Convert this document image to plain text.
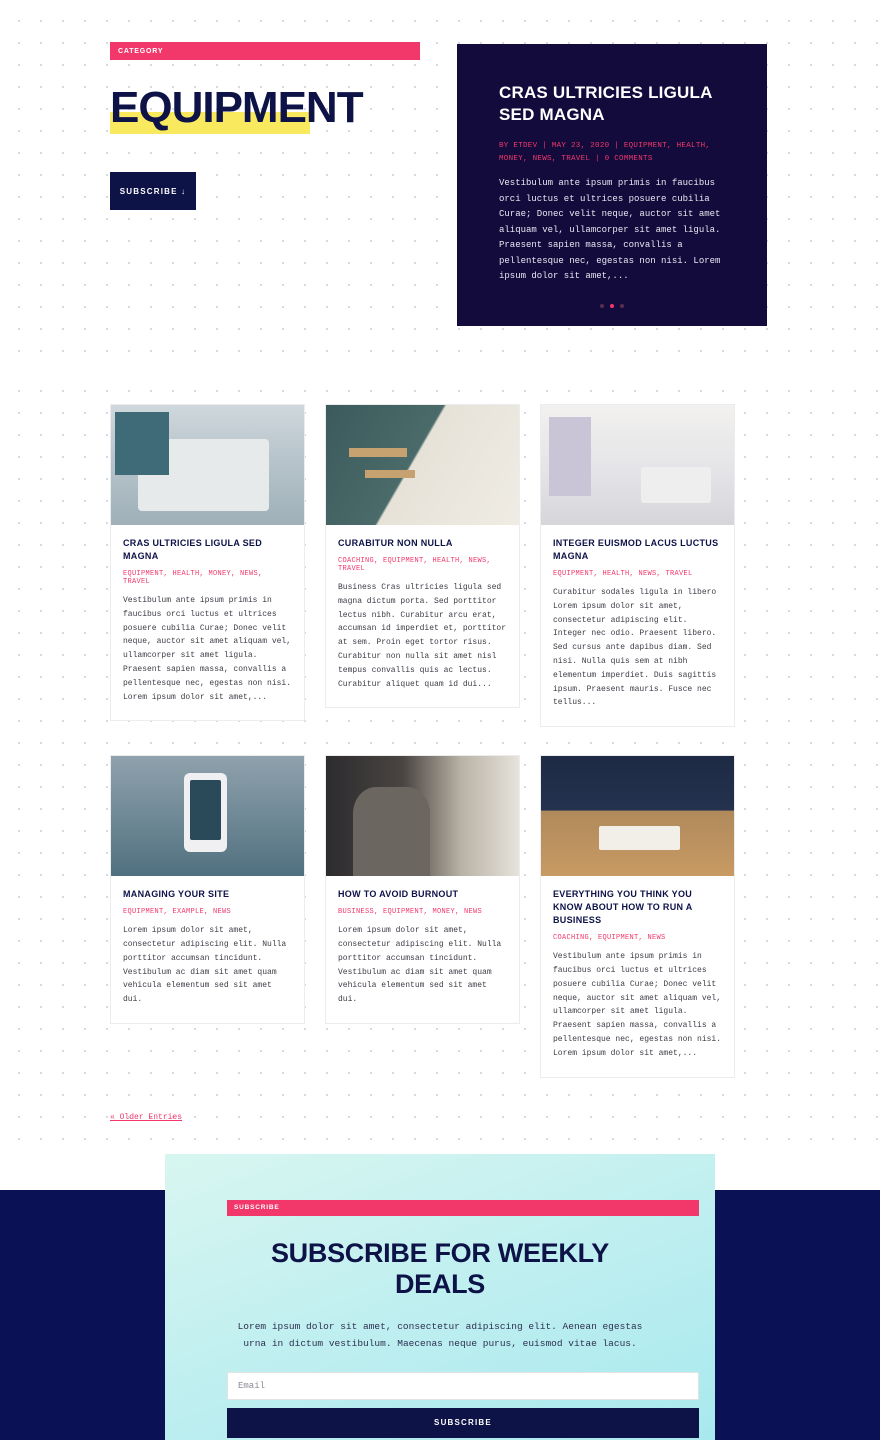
CATEGORY
EQUIPMENT
SUBSCRIBE ↓
CRAS ULTRICIES LIGULA SED MAGNA
BY ETDEV | MAY 23, 2020 | EQUIPMENT, HEALTH, MONEY, NEWS, TRAVEL | 0 COMMENTS

Vestibulum ante ipsum primis in faucibus orci luctus et ultrices posuere cubilia Curae; Donec velit neque, auctor sit amet aliquam vel, ullamcorper sit amet ligula. Praesent sapien massa, convallis a pellentesque nec, egestas non nisi. Lorem ipsum dolor sit amet,...

CRAS ULTRICIES LIGULA SED MAGNA
EQUIPMENT, HEALTH, MONEY, NEWS, TRAVEL
Vestibulum ante ipsum primis in faucibus orci luctus et ultrices posuere cubilia Curae; Donec velit neque, auctor sit amet aliquam vel, ullamcorper sit amet ligula. Praesent sapien massa, convallis a pellentesque nec, egestas non nisi. Lorem ipsum dolor sit amet,...
CURABITUR NON NULLA
COACHING, EQUIPMENT, HEALTH, NEWS, TRAVEL
Business Cras ultricies ligula sed magna dictum porta. Sed porttitor lectus nibh. Curabitur arcu erat, accumsan id imperdiet et, porttitor at sem. Proin eget tortor risus. Curabitur non nulla sit amet nisl tempus convallis quis ac lectus. Curabitur aliquet quam id dui...
INTEGER EUISMOD LACUS LUCTUS MAGNA
EQUIPMENT, HEALTH, NEWS, TRAVEL
Curabitur sodales ligula in libero Lorem ipsum dolor sit amet, consectetur adipiscing elit. Integer nec odio. Praesent libero. Sed cursus ante dapibus diam. Sed nisi. Nulla quis sem at nibh elementum imperdiet. Duis sagittis ipsum. Praesent mauris. Fusce nec tellus...
MANAGING YOUR SITE
EQUIPMENT, EXAMPLE, NEWS
Lorem ipsum dolor sit amet, consectetur adipiscing elit. Nulla porttitor accumsan tincidunt. Vestibulum ac diam sit amet quam vehicula elementum sed sit amet dui.
HOW TO AVOID BURNOUT
BUSINESS, EQUIPMENT, MONEY, NEWS
Lorem ipsum dolor sit amet, consectetur adipiscing elit. Nulla porttitor accumsan tincidunt. Vestibulum ac diam sit amet quam vehicula elementum sed sit amet dui.
EVERYTHING YOU THINK YOU KNOW ABOUT HOW TO RUN A BUSINESS
COACHING, EQUIPMENT, NEWS
Vestibulum ante ipsum primis in faucibus orci luctus et ultrices posuere cubilia Curae; Donec velit neque, auctor sit amet aliquam vel, ullamcorper sit amet ligula. Praesent sapien massa, convallis a pellentesque nec, egestas non nisi. Lorem ipsum dolor sit amet,...
« Older Entries
SUBSCRIBE
SUBSCRIBE FOR WEEKLY DEALS

Lorem ipsum dolor sit amet, consectetur adipiscing elit. Aenean egestas urna in dictum vestibulum. Maecenas neque purus, euismod vitae lacus.

Email
SUBSCRIBE
